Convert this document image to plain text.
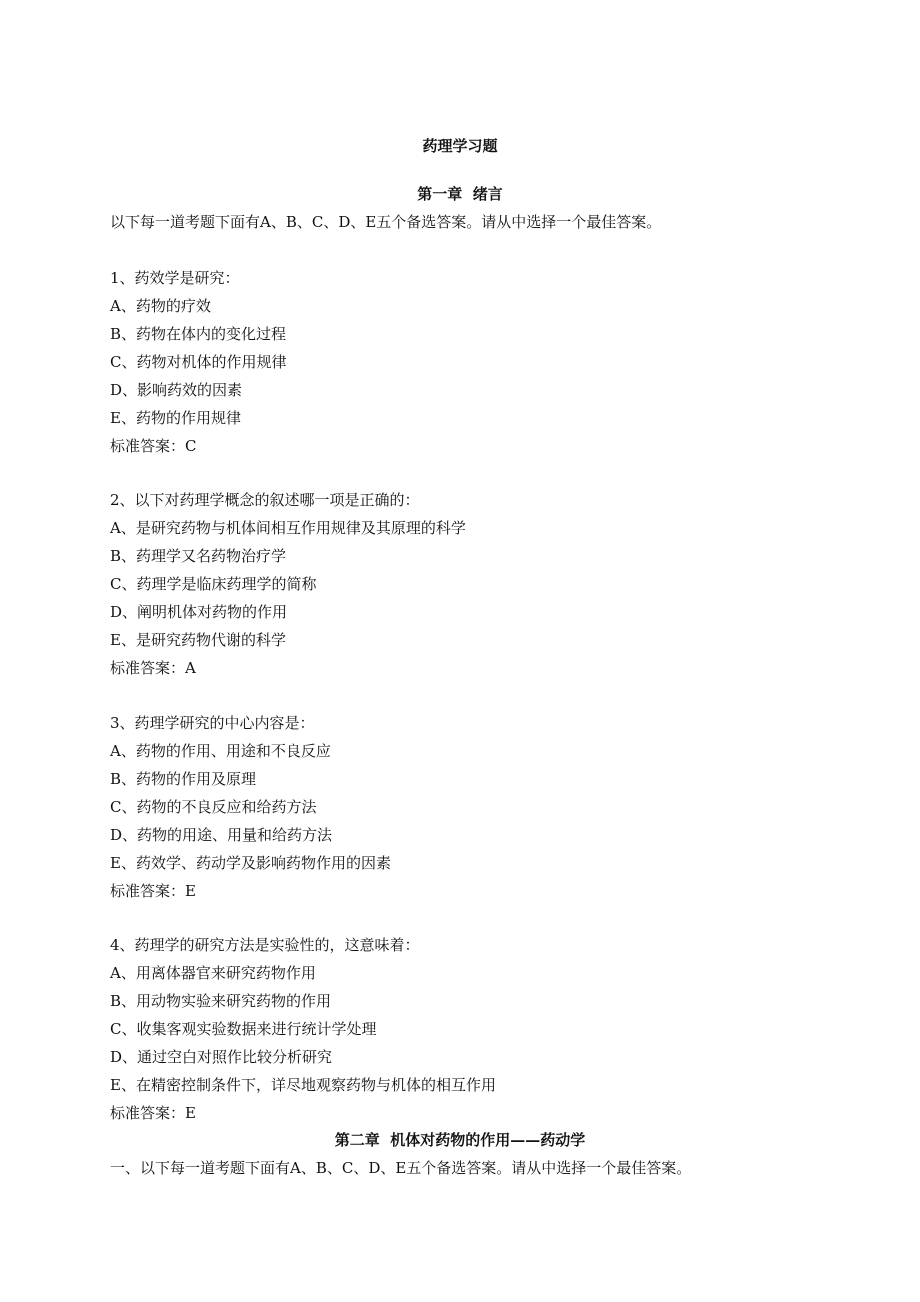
药理学习题
第一章  绪言
以下每一道考题下面有A、B、C、D、E五个备选答案。请从中选择一个最佳答案。
1、药效学是研究：
A、药物的疗效
B、药物在体内的变化过程
C、药物对机体的作用规律
D、影响药效的因素
E、药物的作用规律
标准答案：C
2、以下对药理学概念的叙述哪一项是正确的：
A、是研究药物与机体间相互作用规律及其原理的科学
B、药理学又名药物治疗学
C、药理学是临床药理学的简称
D、阐明机体对药物的作用
E、是研究药物代谢的科学
标准答案：A
3、药理学研究的中心内容是：
A、药物的作用、用途和不良反应
B、药物的作用及原理
C、药物的不良反应和给药方法
D、药物的用途、用量和给药方法
E、药效学、药动学及影响药物作用的因素
标准答案：E
4、药理学的研究方法是实验性的，这意味着：
A、用离体器官来研究药物作用
B、用动物实验来研究药物的作用
C、收集客观实验数据来进行统计学处理
D、通过空白对照作比较分析研究
E、在精密控制条件下，详尽地观察药物与机体的相互作用
标准答案：E
第二章  机体对药物的作用——药动学
一、以下每一道考题下面有A、B、C、D、E五个备选答案。请从中选择一个最佳答案。
